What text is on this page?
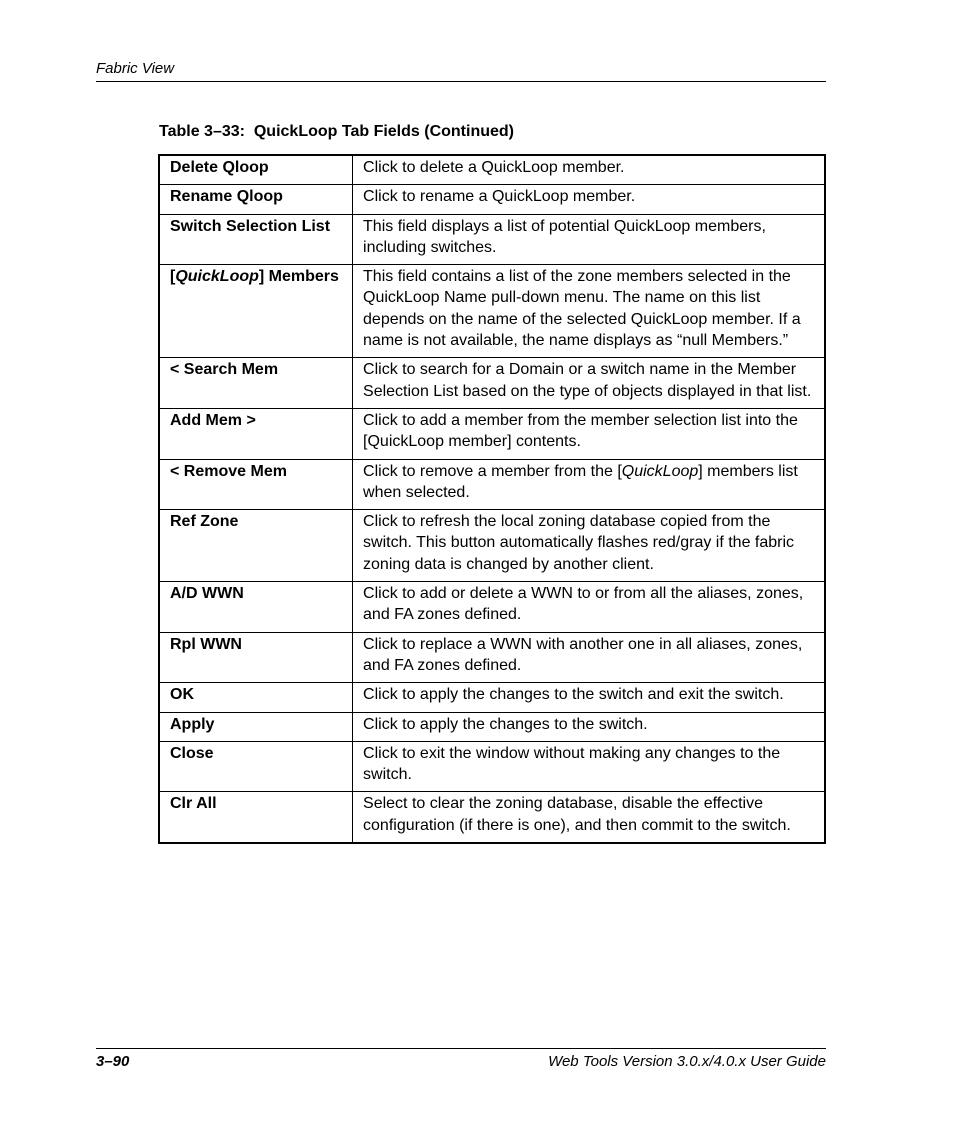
Fabric View
Table 3–33:  QuickLoop Tab Fields (Continued)
Delete Qloop	Click to delete a QuickLoop member.
Rename Qloop	Click to rename a QuickLoop member.
Switch Selection List	This field displays a list of potential QuickLoop members, including switches.
[QuickLoop] Members	This field contains a list of the zone members selected in the QuickLoop Name pull-down menu. The name on this list depends on the name of the selected QuickLoop member. If a name is not available, the name displays as “null Members.”
< Search Mem	Click to search for a Domain or a switch name in the Member Selection List based on the type of objects displayed in that list.
Add Mem >	Click to add a member from the member selection list into the [QuickLoop member] contents.
< Remove Mem	Click to remove a member from the [QuickLoop] members list when selected.
Ref Zone	Click to refresh the local zoning database copied from the switch. This button automatically flashes red/gray if the fabric zoning data is changed by another client.
A/D WWN	Click to add or delete a WWN to or from all the aliases, zones, and FA zones defined.
Rpl WWN	Click to replace a WWN with another one in all aliases, zones, and FA zones defined.
OK	Click to apply the changes to the switch and exit the switch.
Apply	Click to apply the changes to the switch.
Close	Click to exit the window without making any changes to the switch.
Clr All	Select to clear the zoning database, disable the effective configuration (if there is one), and then commit to the switch.
3–90	Web Tools Version 3.0.x/4.0.x User Guide
